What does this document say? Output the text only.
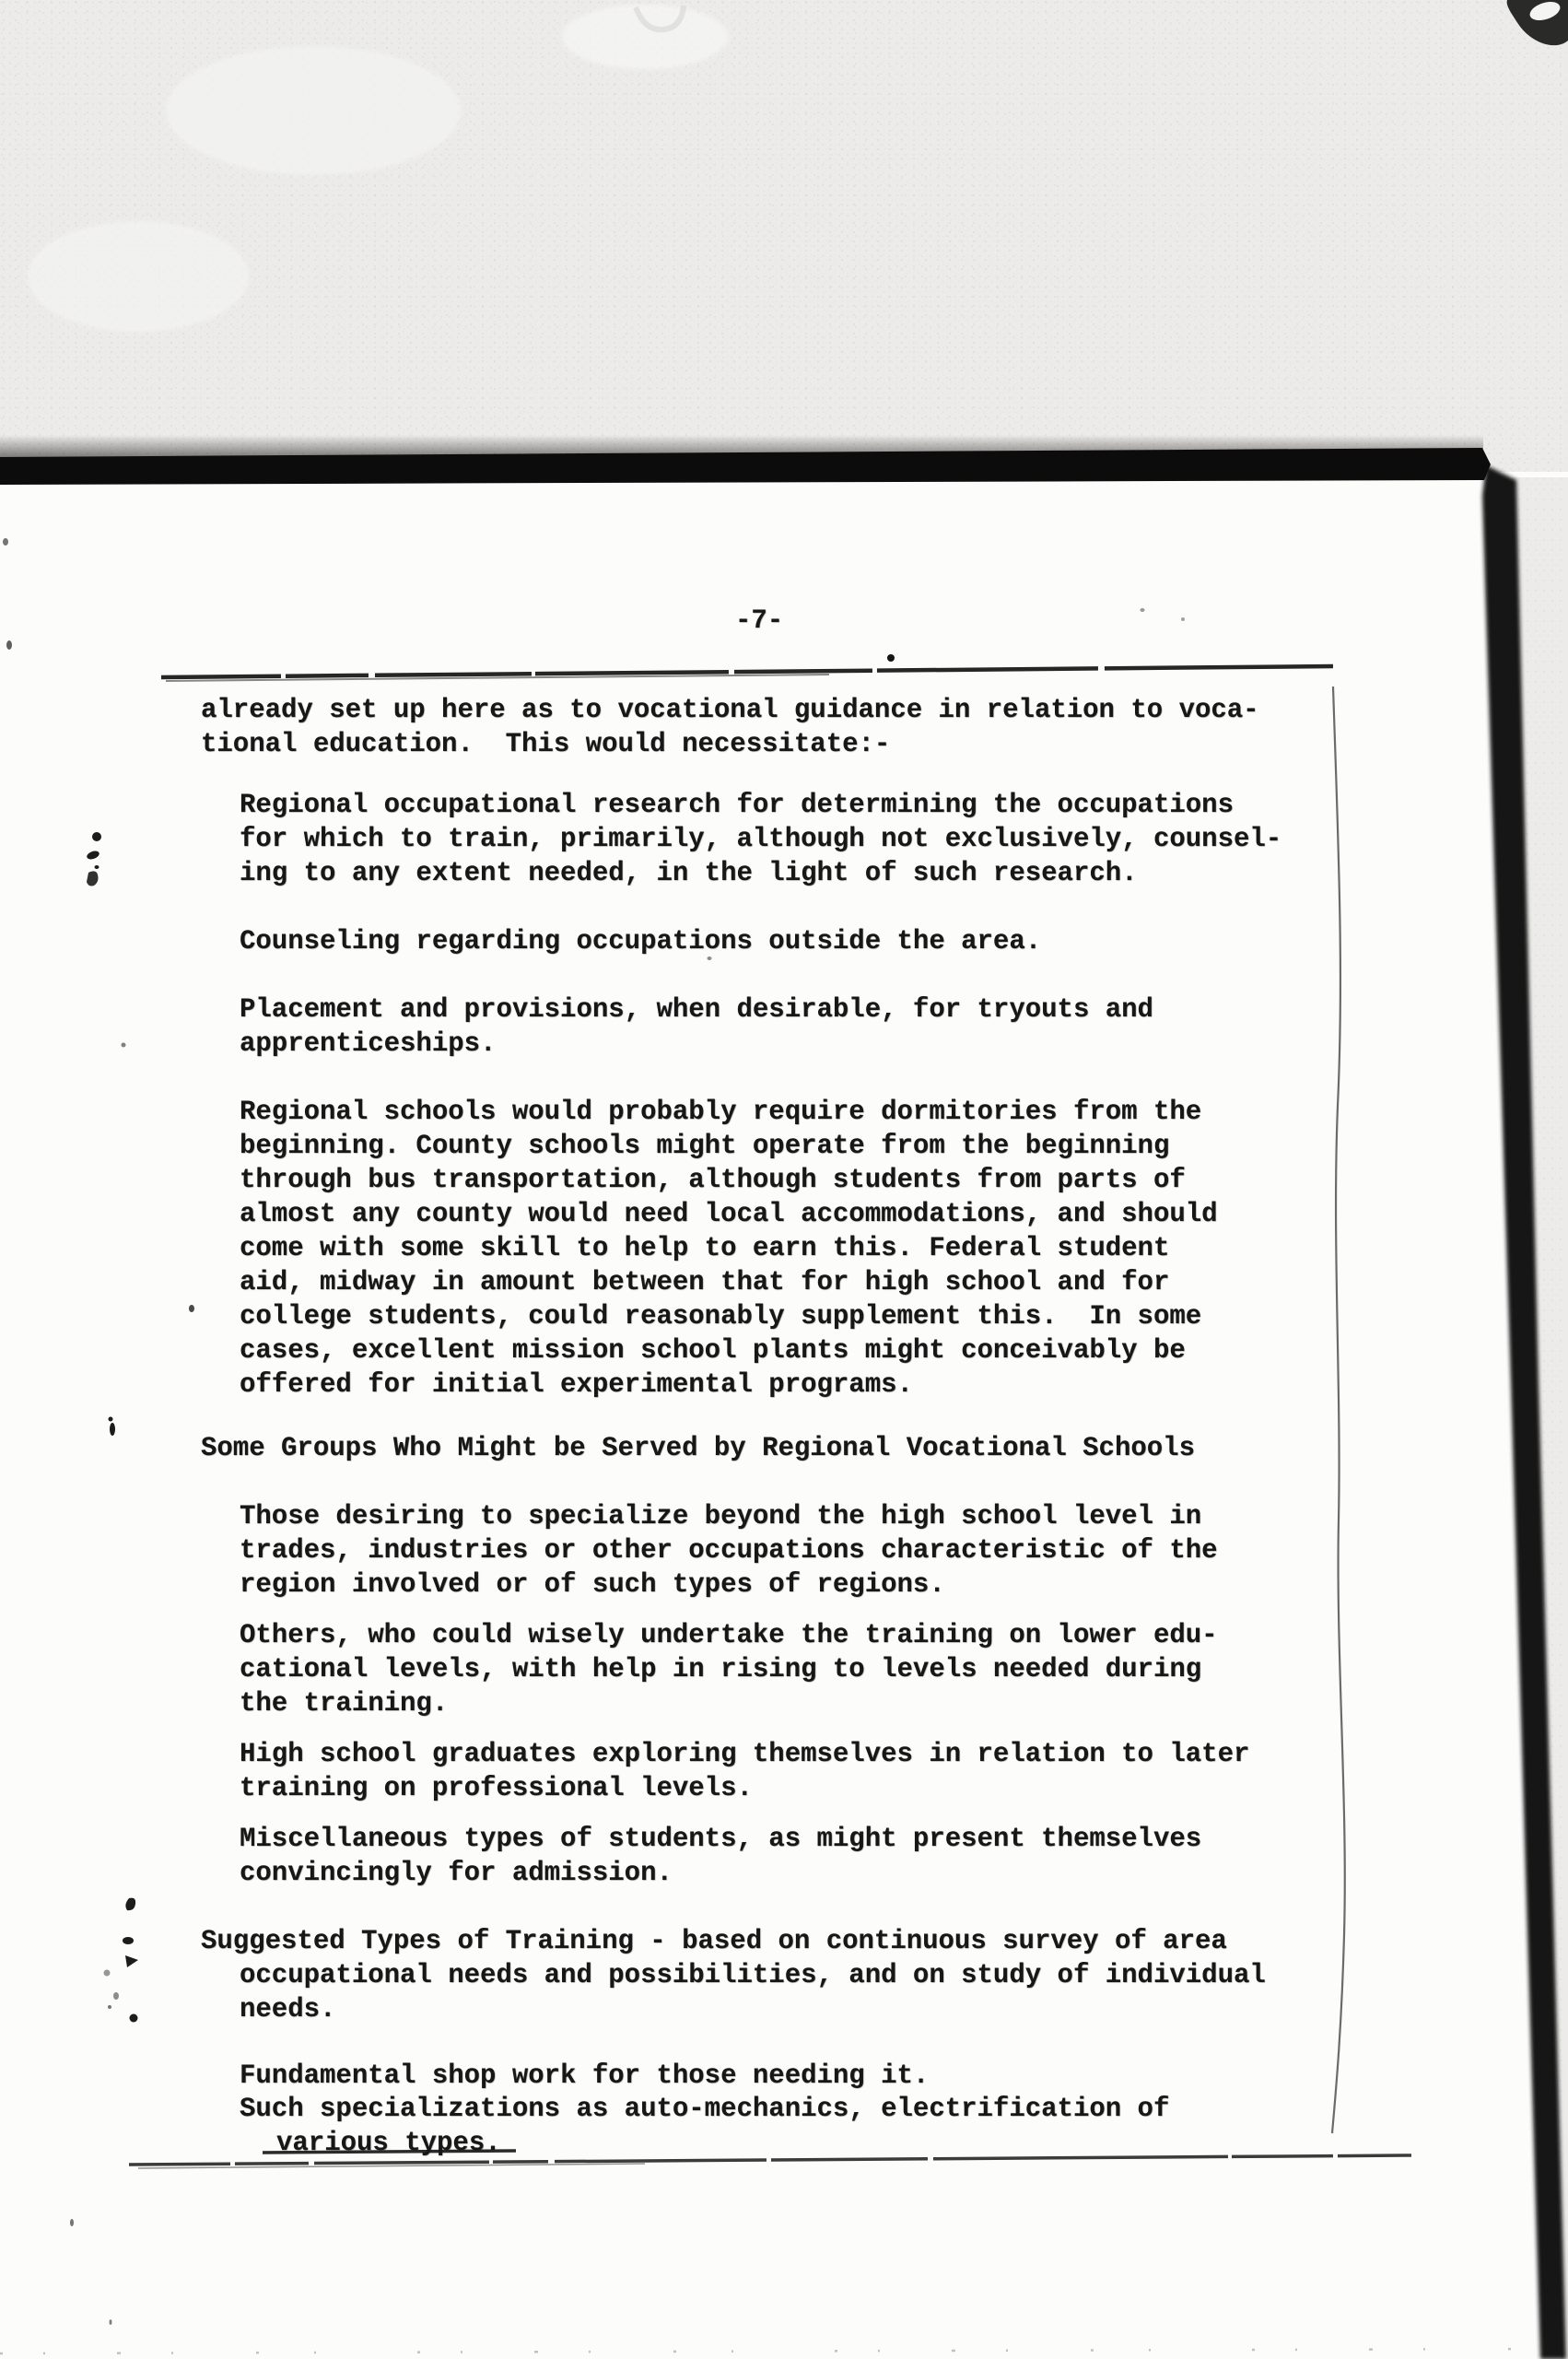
-7-
already set up here as to vocational guidance in relation to voca-
tional education.  This would necessitate:-
Regional occupational research for determining the occupations
for which to train, primarily, although not exclusively, counsel-
ing to any extent needed, in the light of such research.
Counseling regarding occupations outside the area.
Placement and provisions, when desirable, for tryouts and
apprenticeships.
Regional schools would probably require dormitories from the
beginning. County schools might operate from the beginning
through bus transportation, although students from parts of
almost any county would need local accommodations, and should
come with some skill to help to earn this. Federal student
aid, midway in amount between that for high school and for
college students, could reasonably supplement this.  In some
cases, excellent mission school plants might conceivably be
offered for initial experimental programs.
Some Groups Who Might be Served by Regional Vocational Schools
Those desiring to specialize beyond the high school level in
trades, industries or other occupations characteristic of the
region involved or of such types of regions.
Others, who could wisely undertake the training on lower edu-
cational levels, with help in rising to levels needed during
the training.
High school graduates exploring themselves in relation to later
training on professional levels.
Miscellaneous types of students, as might present themselves
convincingly for admission.
Suggested Types of Training - based on continuous survey of area
occupational needs and possibilities, and on study of individual
needs.
Fundamental shop work for those needing it.
Such specializations as auto-mechanics, electrification of
various types.
